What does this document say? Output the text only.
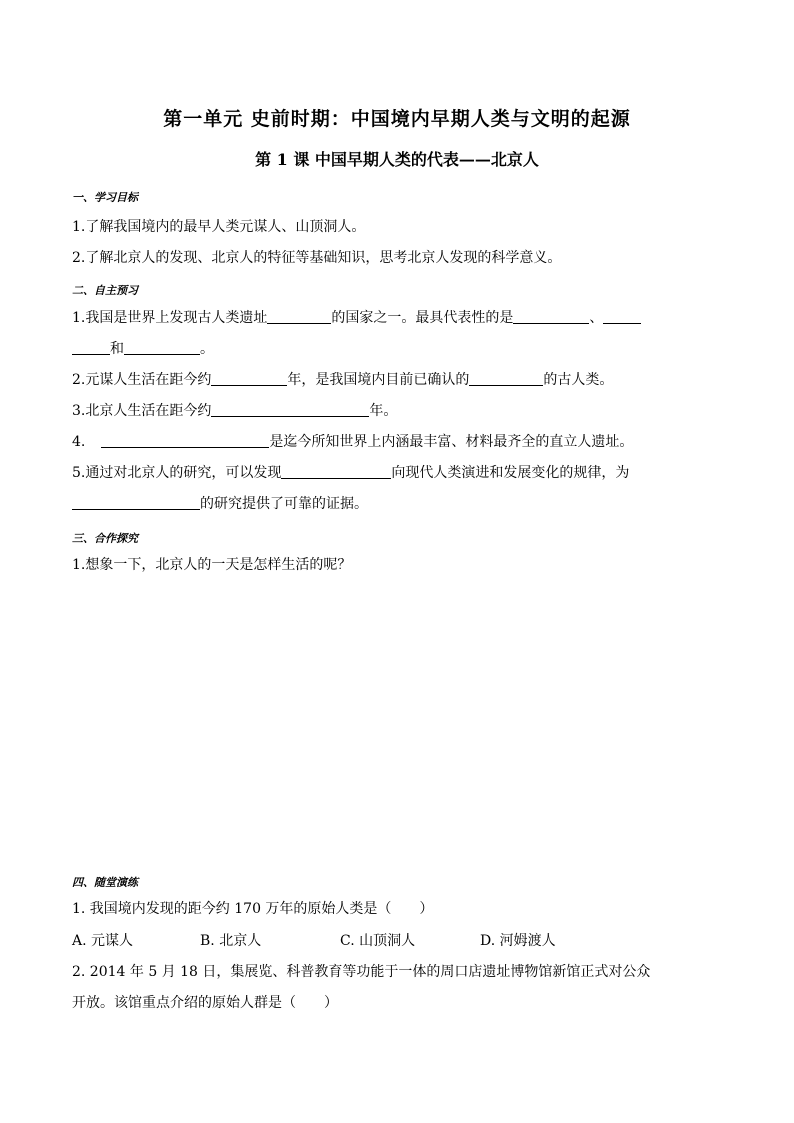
第一单元 史前时期：中国境内早期人类与文明的起源
第 1 课 中国早期人类的代表——北京人
一、学习目标
1.了解我国境内的最早人类元谋人、山顶洞人。
2.了解北京人的发现、北京人的特征等基础知识，思考北京人发现的科学意义。
二、自主预习
1.我国是世界上发现古人类遗址	的国家之一。最具代表性的是	、
和	。
2.元谋人生活在距今约	年，是我国境内目前已确认的	的古人类。
3.北京人生活在距今约	年。
4.	是迄今所知世界上内涵最丰富、材料最齐全的直立人遗址。
5.通过对北京人的研究，可以发现	向现代人类演进和发展变化的规律，为
的研究提供了可靠的证据。
三、合作探究
1.想象一下，北京人的一天是怎样生活的呢？
四、随堂演练
1. 我国境内发现的距今约 170 万年的原始人类是（　　）
A. 元谋人	B. 北京人	C. 山顶洞人	D. 河姆渡人
2. 2014 年 5 月 18 日，集展览、科普教育等功能于一体的周口店遗址博物馆新馆正式对公众
开放。该馆重点介绍的原始人群是（　　）
